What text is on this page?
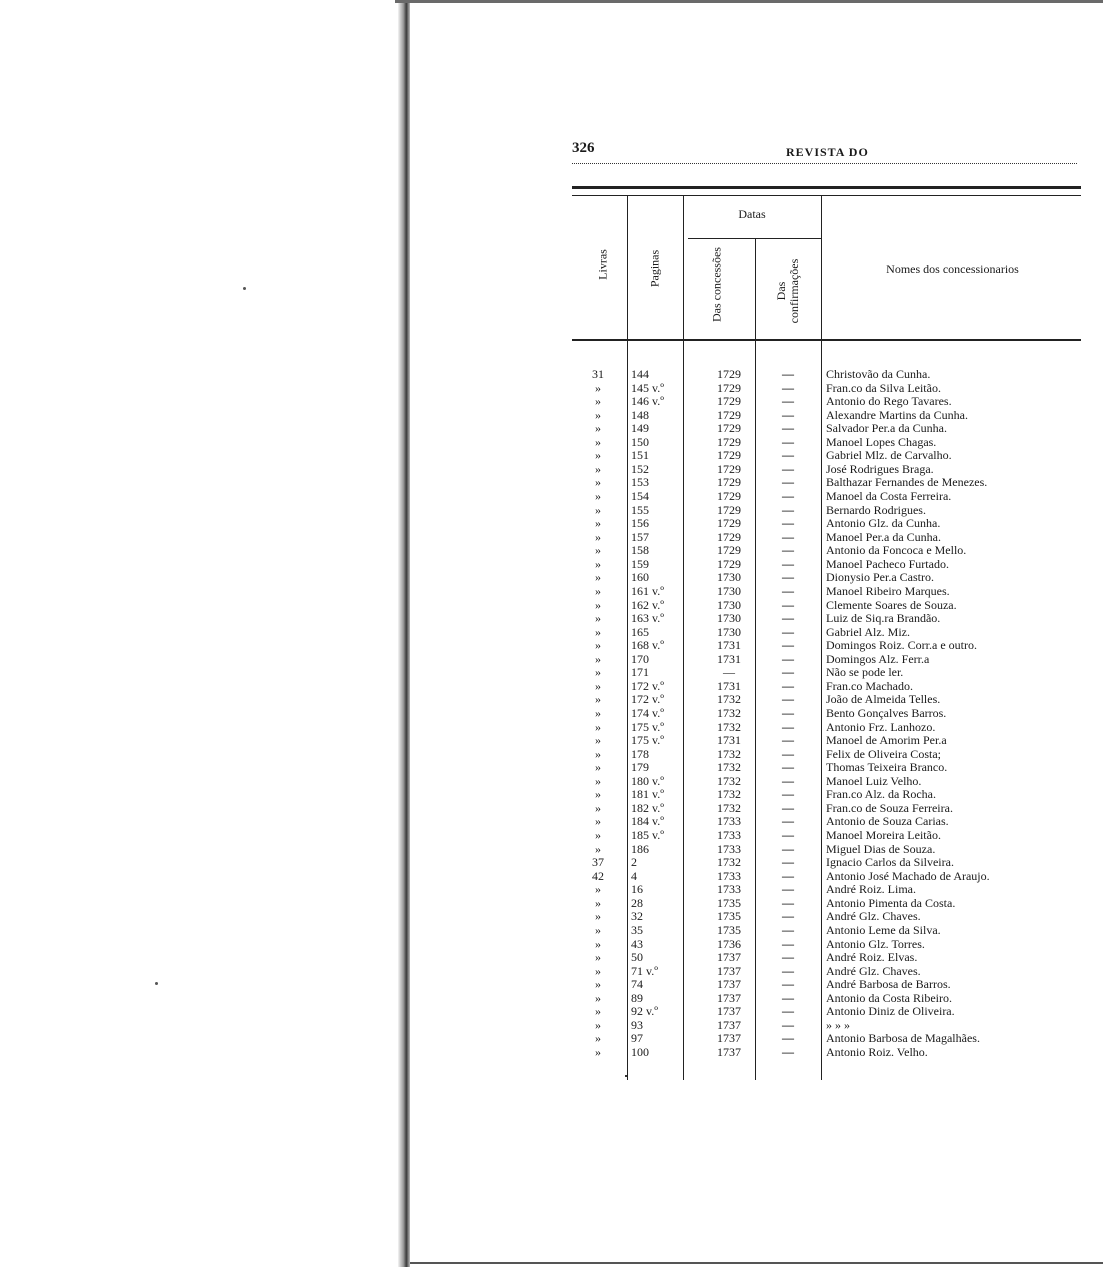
326	REVISTA DO
Livras	Paginas
Datas
Das concessões	Das confirmações	Nomes dos concessionarios
31	144	1729	—	Christovão da Cunha.
»	145 v.º	1729	—	Fran.co da Silva Leitão.
»	146 v.º	1729	—	Antonio do Rego Tavares.
»	148	1729	—	Alexandre Martins da Cunha.
»	149	1729	—	Salvador Per.a da Cunha.
»	150	1729	—	Manoel Lopes Chagas.
»	151	1729	—	Gabriel Mlz. de Carvalho.
»	152	1729	—	José Rodrigues Braga.
»	153	1729	—	Balthazar Fernandes de Menezes.
»	154	1729	—	Manoel da Costa Ferreira.
»	155	1729	—	Bernardo Rodrigues.
»	156	1729	—	Antonio Glz. da Cunha.
»	157	1729	—	Manoel Per.a da Cunha.
»	158	1729	—	Antonio da Foncoca e Mello.
»	159	1729	—	Manoel Pacheco Furtado.
»	160	1730	—	Dionysio Per.a Castro.
»	161 v.º	1730	—	Manoel Ribeiro Marques.
»	162 v.º	1730	—	Clemente Soares de Souza.
»	163 v.º	1730	—	Luiz de Siq.ra Brandão.
»	165	1730	—	Gabriel Alz. Miz.
»	168 v.º	1731	—	Domingos Roiz. Corr.a e outro.
»	170	1731	—	Domingos Alz. Ferr.a
»	171	—	—	Não se pode ler.
»	172 v.º	1731	—	Fran.co Machado.
»	172 v.º	1732	—	João de Almeida Telles.
»	174 v.º	1732	—	Bento Gonçalves Barros.
»	175 v.º	1732	—	Antonio Frz. Lanhozo.
»	175 v.º	1731	—	Manoel de Amorim Per.a
»	178	1732	—	Felix de Oliveira Costa;
»	179	1732	—	Thomas Teixeira Branco.
»	180 v.º	1732	—	Manoel Luiz Velho.
»	181 v.º	1732	—	Fran.co Alz. da Rocha.
»	182 v.º	1732	—	Fran.co de Souza Ferreira.
»	184 v.º	1733	—	Antonio de Souza Carias.
»	185 v.º	1733	—	Manoel Moreira Leitão.
»	186	1733	—	Miguel Dias de Souza.
37	2	1732	—	Ignacio Carlos da Silveira.
42	4	1733	—	Antonio José Machado de Araujo.
»	16	1733	—	André Roiz. Lima.
»	28	1735	—	Antonio Pimenta da Costa.
»	32	1735	—	André Glz. Chaves.
»	35	1735	—	Antonio Leme da Silva.
»	43	1736	—	Antonio Glz. Torres.
»	50	1737	—	André Roiz. Elvas.
»	71 v.º	1737	—	André Glz. Chaves.
»	74	1737	—	André Barbosa de Barros.
»	89	1737	—	Antonio da Costa Ribeiro.
»	92 v.º	1737	—	Antonio Diniz de Oliveira.
»	93	1737	—	» » »
»	97	1737	—	Antonio Barbosa de Magalhães.
»	100	1737	—	Antonio Roiz. Velho.
